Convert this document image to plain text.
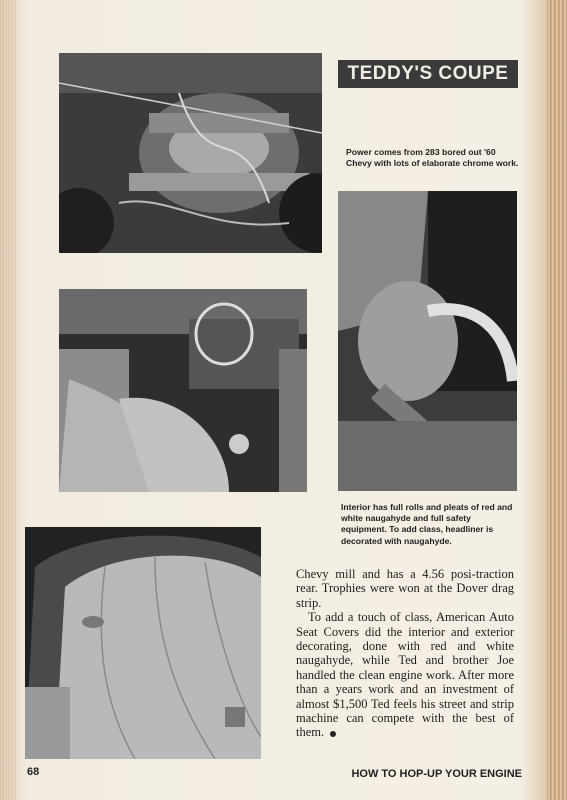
TEDDY'S COUPE
Power comes from 283 bored out '60 Chevy with lots of elaborate chrome work.
Interior has full rolls and pleats of red and white naugahyde and full safety equipment. To add class, headliner is decorated with naugahyde.

Chevy mill and has a 4.56 posi-traction rear. Trophies were won at the Dover drag strip.

To add a touch of class, American Auto Seat Covers did the interior and exterior decorating, done with red and white naugahyde, while Ted and brother Joe handled the clean engine work. After more than a years work and an investment of almost $1,500 Ted feels his street and strip machine can compete with the best of them.

68	HOW TO HOP-UP YOUR ENGINE
